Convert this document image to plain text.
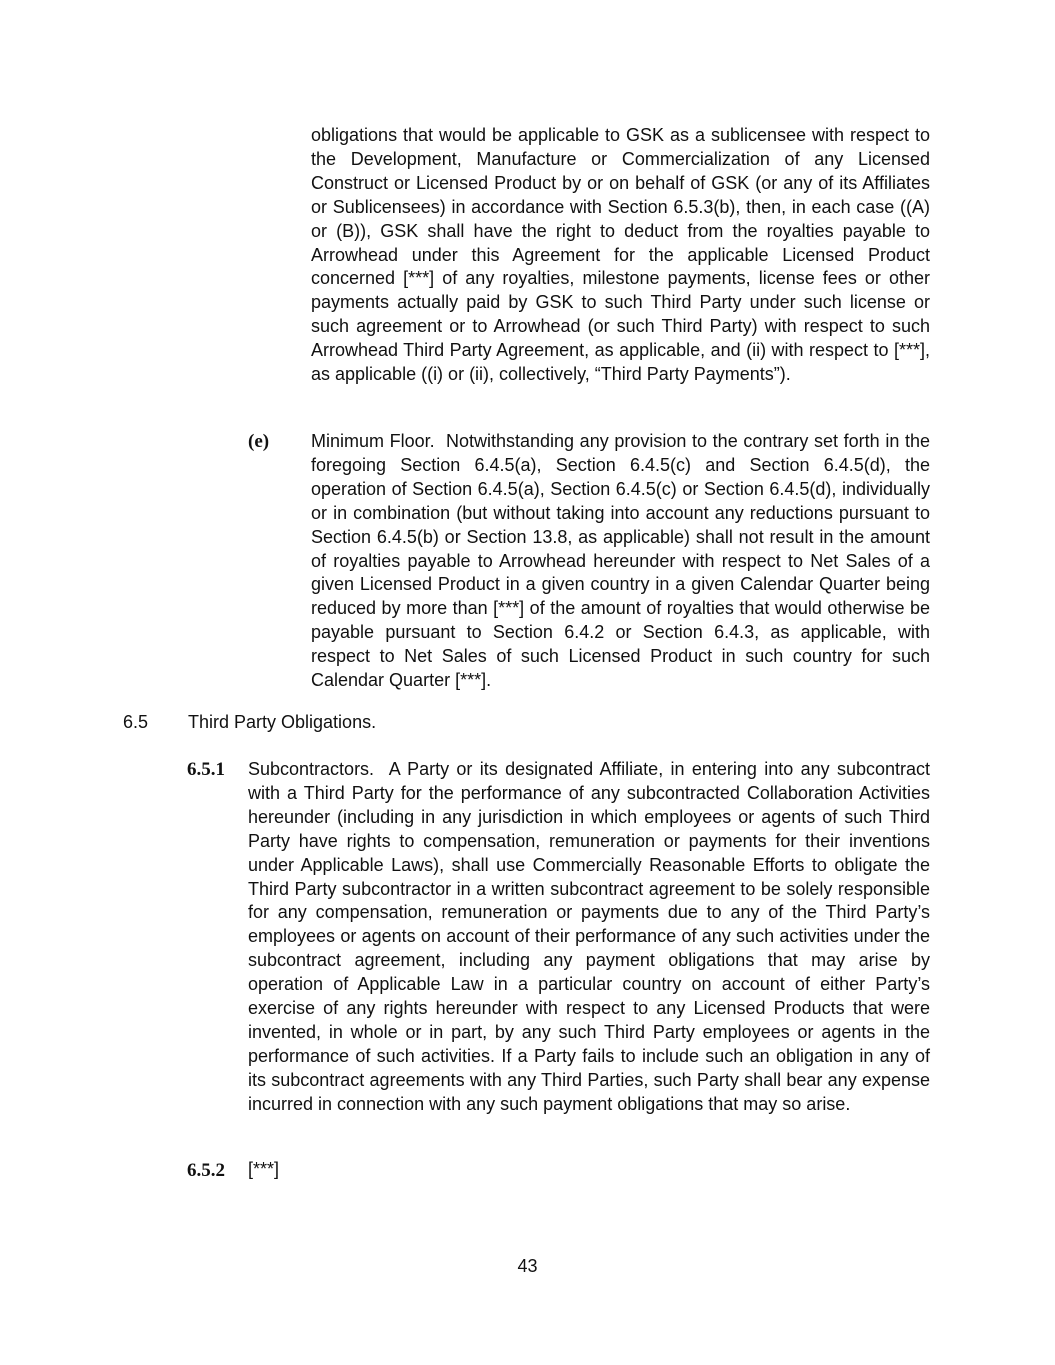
obligations that would be applicable to GSK as a sublicensee with respect to the Development, Manufacture or Commercialization of any Licensed Construct or Licensed Product by or on behalf of GSK (or any of its Affiliates or Sublicensees) in accordance with Section 6.5.3(b), then, in each case ((A) or (B)), GSK shall have the right to deduct from the royalties payable to Arrowhead under this Agreement for the applicable Licensed Product concerned [***] of any royalties, milestone payments, license fees or other payments actually paid by GSK to such Third Party under such license or such agreement or to Arrowhead (or such Third Party) with respect to such Arrowhead Third Party Agreement, as applicable, and (ii) with respect to [***], as applicable ((i) or (ii), collectively, “Third Party Payments”).

(e) Minimum Floor. Notwithstanding any provision to the contrary set forth in the foregoing Section 6.4.5(a), Section 6.4.5(c) and Section 6.4.5(d), the operation of Section 6.4.5(a), Section 6.4.5(c) or Section 6.4.5(d), individually or in combination (but without taking into account any reductions pursuant to Section 6.4.5(b) or Section 13.8, as applicable) shall not result in the amount of royalties payable to Arrowhead hereunder with respect to Net Sales of a given Licensed Product in a given country in a given Calendar Quarter being reduced by more than [***] of the amount of royalties that would otherwise be payable pursuant to Section 6.4.2 or Section 6.4.3, as applicable, with respect to Net Sales of such Licensed Product in such country for such Calendar Quarter [***].

6.5 Third Party Obligations.

6.5.1 Subcontractors. A Party or its designated Affiliate, in entering into any subcontract with a Third Party for the performance of any subcontracted Collaboration Activities hereunder (including in any jurisdiction in which employees or agents of such Third Party have rights to compensation, remuneration or payments for their inventions under Applicable Laws), shall use Commercially Reasonable Efforts to obligate the Third Party subcontractor in a written subcontract agreement to be solely responsible for any compensation, remuneration or payments due to any of the Third Party’s employees or agents on account of their performance of any such activities under the subcontract agreement, including any payment obligations that may arise by operation of Applicable Law in a particular country on account of either Party’s exercise of any rights hereunder with respect to any Licensed Products that were invented, in whole or in part, by any such Third Party employees or agents in the performance of such activities. If a Party fails to include such an obligation in any of its subcontract agreements with any Third Parties, such Party shall bear any expense incurred in connection with any such payment obligations that may so arise.

6.5.2 [***]

43
